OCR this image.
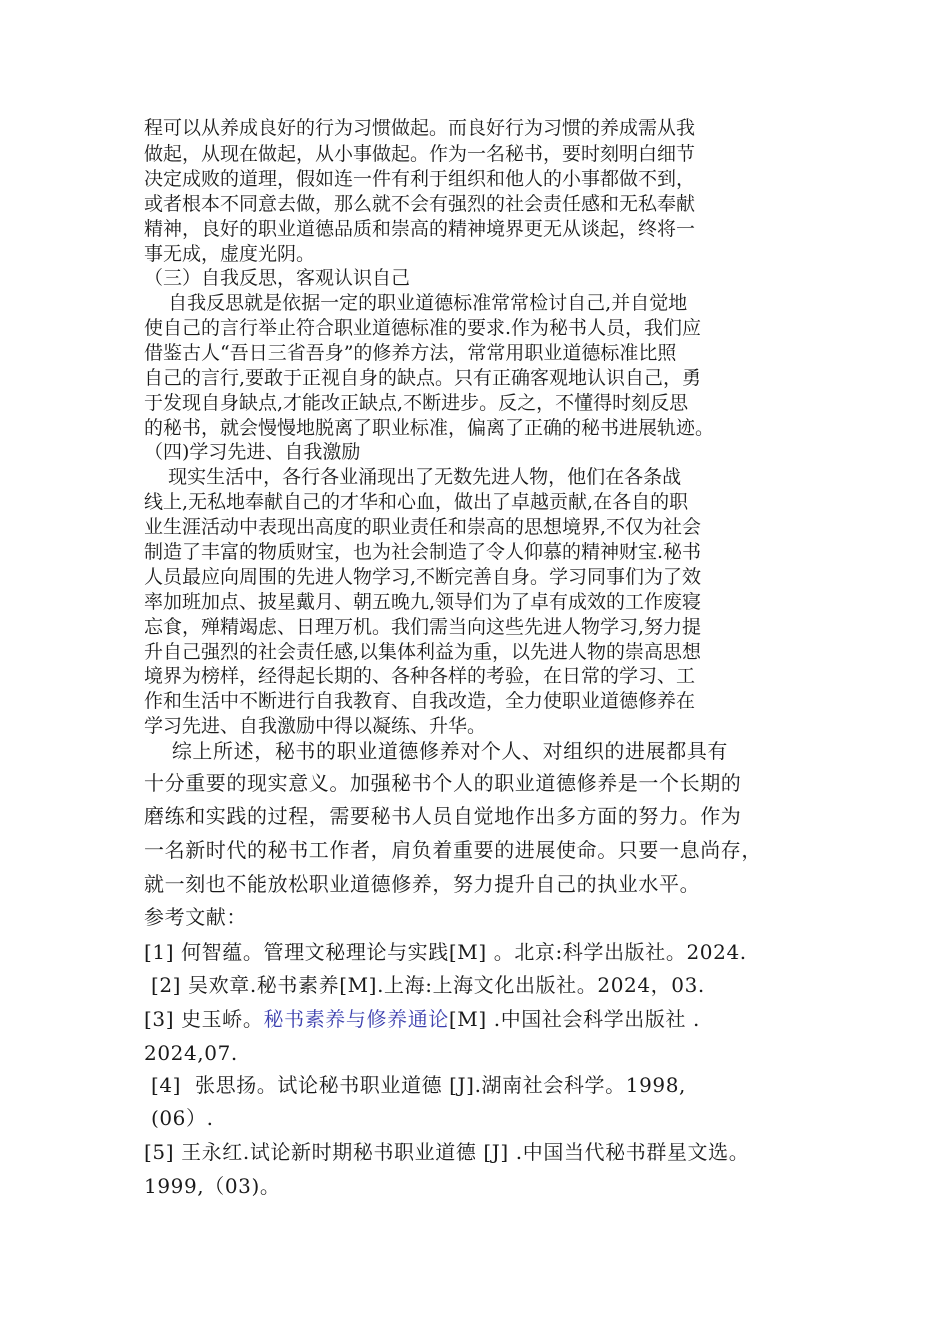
程可以从养成良好的行为习惯做起。而良好行为习惯的养成需从我
做起，从现在做起，从小事做起。作为一名秘书，要时刻明白细节
决定成败的道理，假如连一件有利于组织和他人的小事都做不到，
或者根本不同意去做，那么就不会有强烈的社会责任感和无私奉献
精神，良好的职业道德品质和崇高的精神境界更无从谈起，终将一
事无成，虚度光阴。
（三）自我反思，客观认识自己
自我反思就是依据一定的职业道德标准常常检讨自己,并自觉地
使自己的言行举止符合职业道德标准的要求.作为秘书人员，我们应
借鉴古人“吾日三省吾身”的修养方法，常常用职业道德标准比照
自己的言行,要敢于正视自身的缺点。只有正确客观地认识自己，勇
于发现自身缺点,才能改正缺点,不断进步。反之，不懂得时刻反思
的秘书，就会慢慢地脱离了职业标准，偏离了正确的秘书进展轨迹。
（四)学习先进、自我激励
现实生活中，各行各业涌现出了无数先进人物，他们在各条战
线上,无私地奉献自己的才华和心血，做出了卓越贡献,在各自的职
业生涯活动中表现出高度的职业责任和崇高的思想境界,不仅为社会
制造了丰富的物质财宝，也为社会制造了令人仰慕的精神财宝.秘书
人员最应向周围的先进人物学习,不断完善自身。学习同事们为了效
率加班加点、披星戴月、朝五晚九,领导们为了卓有成效的工作废寝
忘食，殚精竭虑、日理万机。我们需当向这些先进人物学习,努力提
升自己强烈的社会责任感,以集体利益为重，以先进人物的崇高思想
境界为榜样，经得起长期的、各种各样的考验，在日常的学习、工
作和生活中不断进行自我教育、自我改造，全力使职业道德修养在
学习先进、自我激励中得以凝练、升华。
综上所述，秘书的职业道德修养对个人、对组织的进展都具有
十分重要的现实意义。加强秘书个人的职业道德修养是一个长期的
磨练和实践的过程，需要秘书人员自觉地作出多方面的努力。作为
一名新时代的秘书工作者，肩负着重要的进展使命。只要一息尚存，
就一刻也不能放松职业道德修养，努力提升自己的执业水平。
参考文献：
[1] 何智蕴。管理文秘理论与实践[M] 。北京:科学出版社。2024.
[2] 吴欢章.秘书素养[M].上海:上海文化出版社。2024，03.
[3] 史玉峤。秘书素养与修养通论[M] .中国社会科学出版社 .
2024,07.
[4]  张思扬。试论秘书职业道德 [J].湖南社会科学。1998,
(06）.
[5] 王永红.试论新时期秘书职业道德 [J] .中国当代秘书群星文选。
1999,（03)。
